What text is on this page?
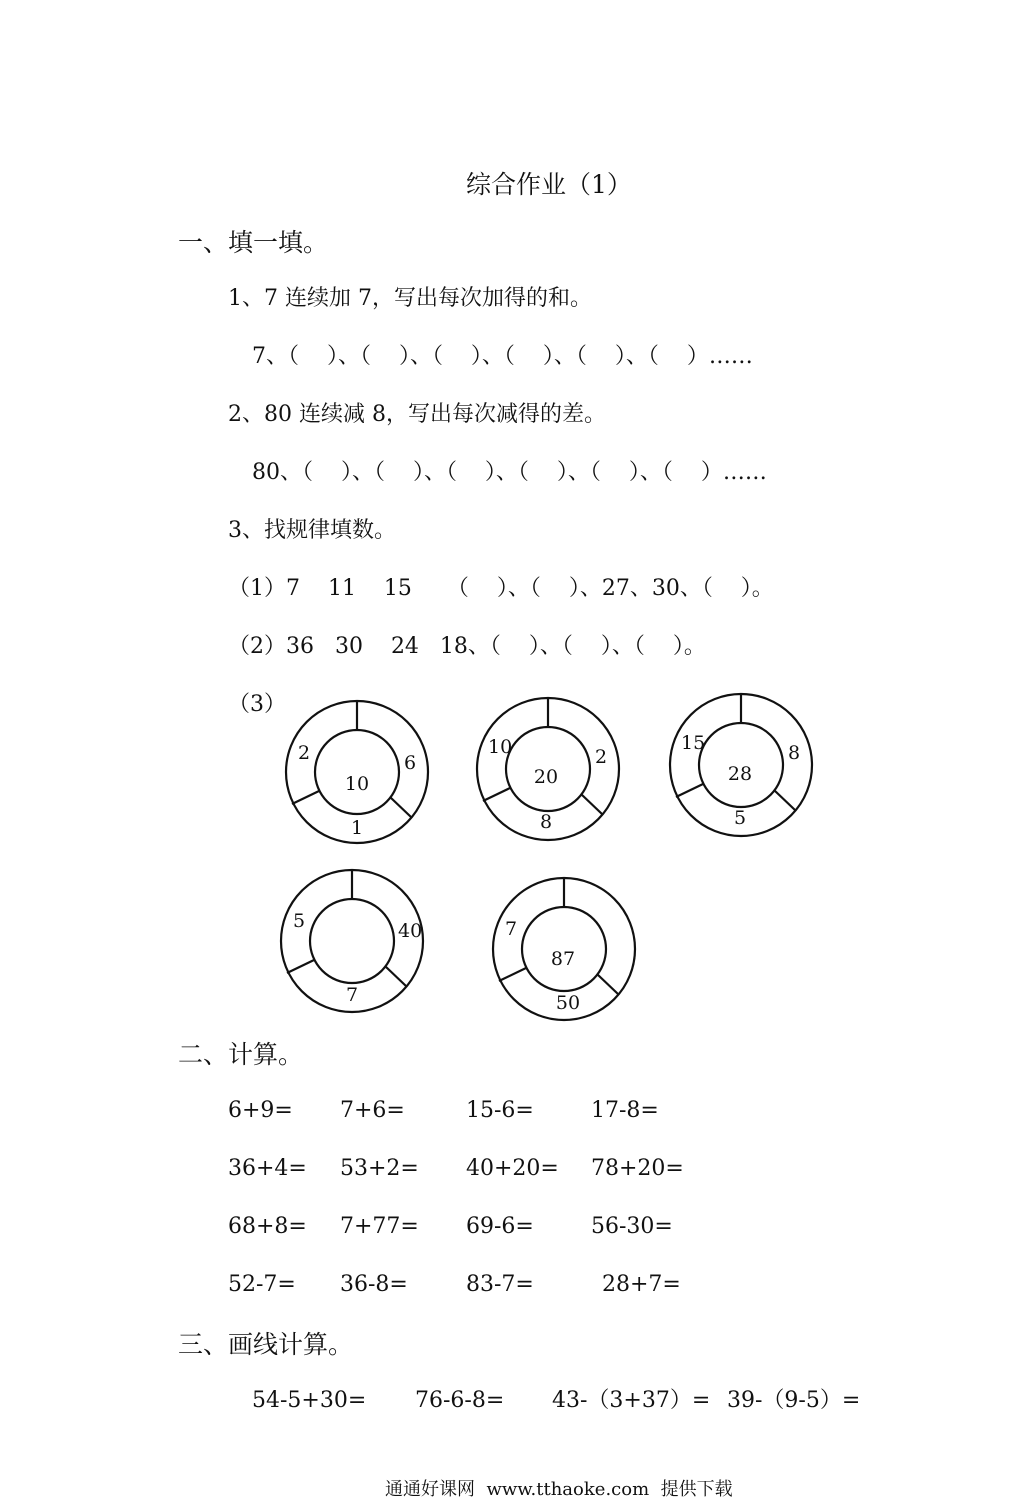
综合作业（1）
一、填一填。
1、7 连续加 7，写出每次加得的和。
7、（    ）、（    ）、（    ）、（    ）、（    ）、（    ）……
2、80 连续减 8，写出每次减得的差。
80、（    ）、（    ）、（    ）、（    ）、（    ）、（    ）……
3、找规律填数。
（1）7    11    15     （    ）、（    ）、27、30、（    ）。
（2）36   30    24   18、（    ）、（    ）、（    ）。
（3）
2	6
10
1
10	2
20
8
15	8
28
5
5	40
7
7
87
50
二、计算。
6+9= 7+6=	15-6=	17-8=
36+4= 53+2= 40+20= 78+20=
68+8= 7+77= 69-6=	56-30=
52-7= 36-8=	83-7=	28+7=
三、画线计算。
54-5+30= 76-6-8= 43-（3+37）= 39-（9-5）=
通通好课网  www.tthaoke.com  提供下载
